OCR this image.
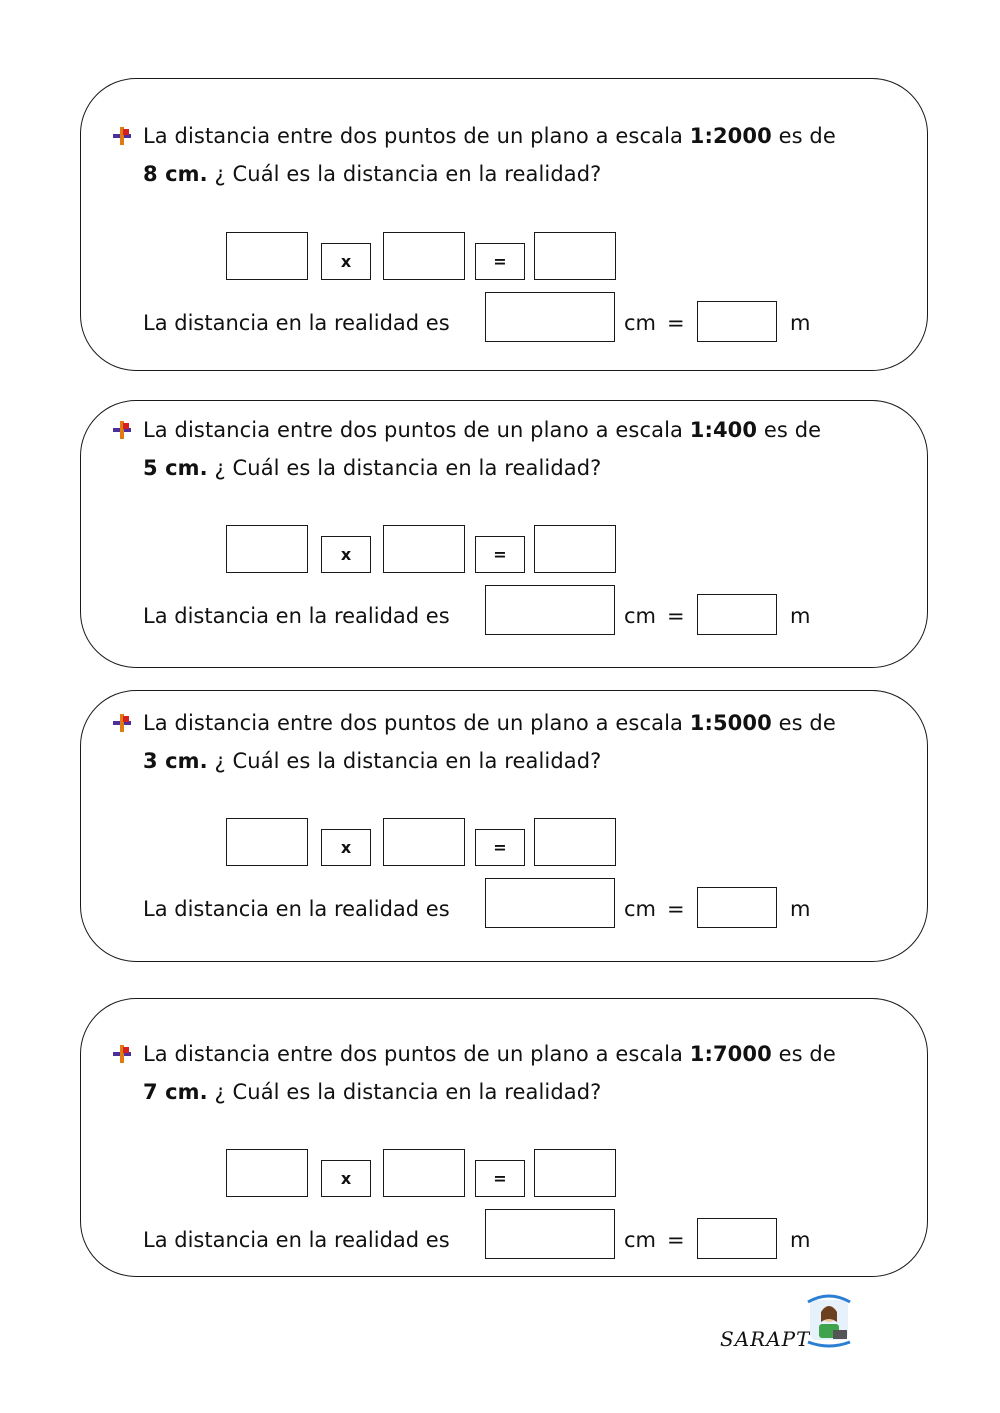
La distancia entre dos puntos de un plano a escala 1:2000 es de
8 cm. ¿ Cuál es la distancia en la realidad?
x	=
La distancia en la realidad es	cm =	m
La distancia entre dos puntos de un plano a escala 1:400 es de
5 cm. ¿ Cuál es la distancia en la realidad?
x	=
La distancia en la realidad es	cm =	m
La distancia entre dos puntos de un plano a escala 1:5000 es de
3 cm. ¿ Cuál es la distancia en la realidad?
x	=
La distancia en la realidad es	cm =	m
La distancia entre dos puntos de un plano a escala 1:7000 es de
7 cm. ¿ Cuál es la distancia en la realidad?
x	=
La distancia en la realidad es	cm =	m
SARAPT
